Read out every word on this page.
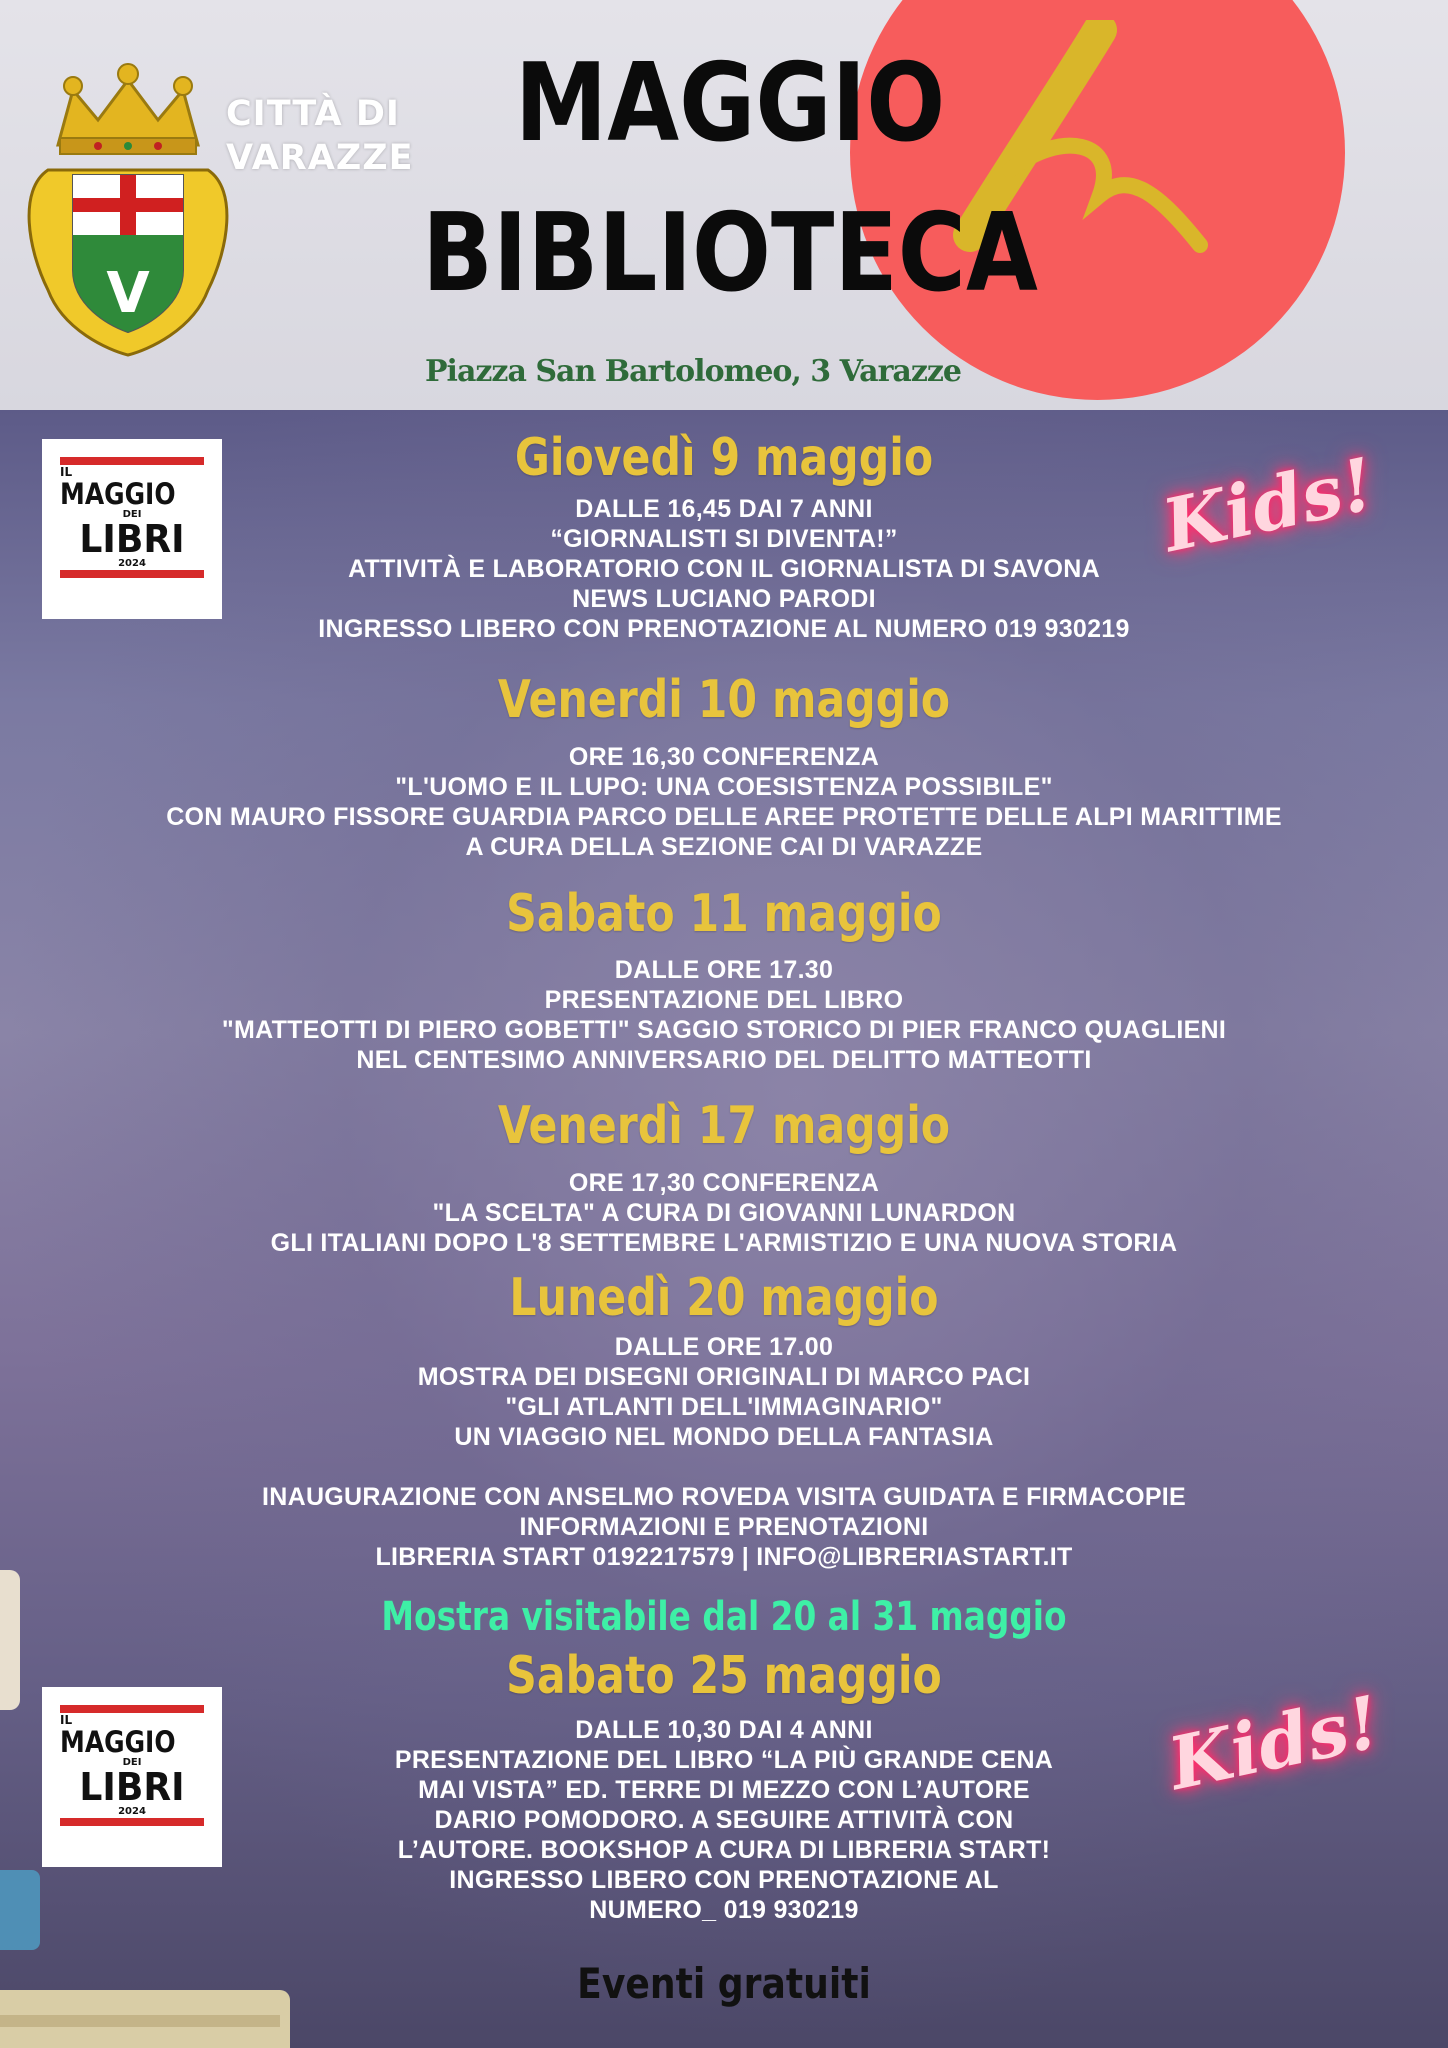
V
CITTÀ DI
VARAZZE MAGGIO
BIBLIOTECA
Piazza San Bartolomeo, 3 Varazze
IL
MAGGIO
DEI
LIBRI
2024
IL
MAGGIO
DEI
LIBRI
2024
Kids!
Kids!
Giovedì 9 maggio
DALLE 16,45 DAI 7 ANNI
“GIORNALISTI SI DIVENTA!”
ATTIVITÀ E LABORATORIO CON IL GIORNALISTA DI SAVONA
NEWS LUCIANO PARODI
INGRESSO LIBERO CON PRENOTAZIONE AL NUMERO 019 930219
Venerdi 10 maggio
ORE 16,30 CONFERENZA
"L'UOMO E IL LUPO: UNA COESISTENZA POSSIBILE"
CON MAURO FISSORE GUARDIA PARCO DELLE AREE PROTETTE DELLE ALPI MARITTIME
A CURA DELLA SEZIONE CAI DI VARAZZE
Sabato 11 maggio
DALLE ORE 17.30
PRESENTAZIONE DEL LIBRO
"MATTEOTTI DI PIERO GOBETTI" SAGGIO STORICO DI PIER FRANCO QUAGLIENI
NEL CENTESIMO ANNIVERSARIO DEL DELITTO MATTEOTTI
Venerdì 17 maggio
ORE 17,30 CONFERENZA
"LA SCELTA" A CURA DI GIOVANNI LUNARDON
GLI ITALIANI DOPO L'8 SETTEMBRE L'ARMISTIZIO E UNA NUOVA STORIA
Lunedì 20 maggio
DALLE ORE 17.00
MOSTRA DEI DISEGNI ORIGINALI DI MARCO PACI
"GLI ATLANTI DELL'IMMAGINARIO"
UN VIAGGIO NEL MONDO DELLA FANTASIA
INAUGURAZIONE CON ANSELMO ROVEDA VISITA GUIDATA E FIRMACOPIE
INFORMAZIONI E PRENOTAZIONI
LIBRERIA START 0192217579 | INFO@LIBRERIASTART.IT
Mostra visitabile dal 20 al 31 maggio
Sabato 25 maggio
DALLE 10,30 DAI 4 ANNI
PRESENTAZIONE DEL LIBRO “LA PIÙ GRANDE CENA
MAI VISTA” ED. TERRE DI MEZZO CON L’AUTORE
DARIO POMODORO. A SEGUIRE ATTIVITÀ CON
L’AUTORE. BOOKSHOP A CURA DI LIBRERIA START!
INGRESSO LIBERO CON PRENOTAZIONE AL
NUMERO_ 019 930219
Eventi gratuiti
